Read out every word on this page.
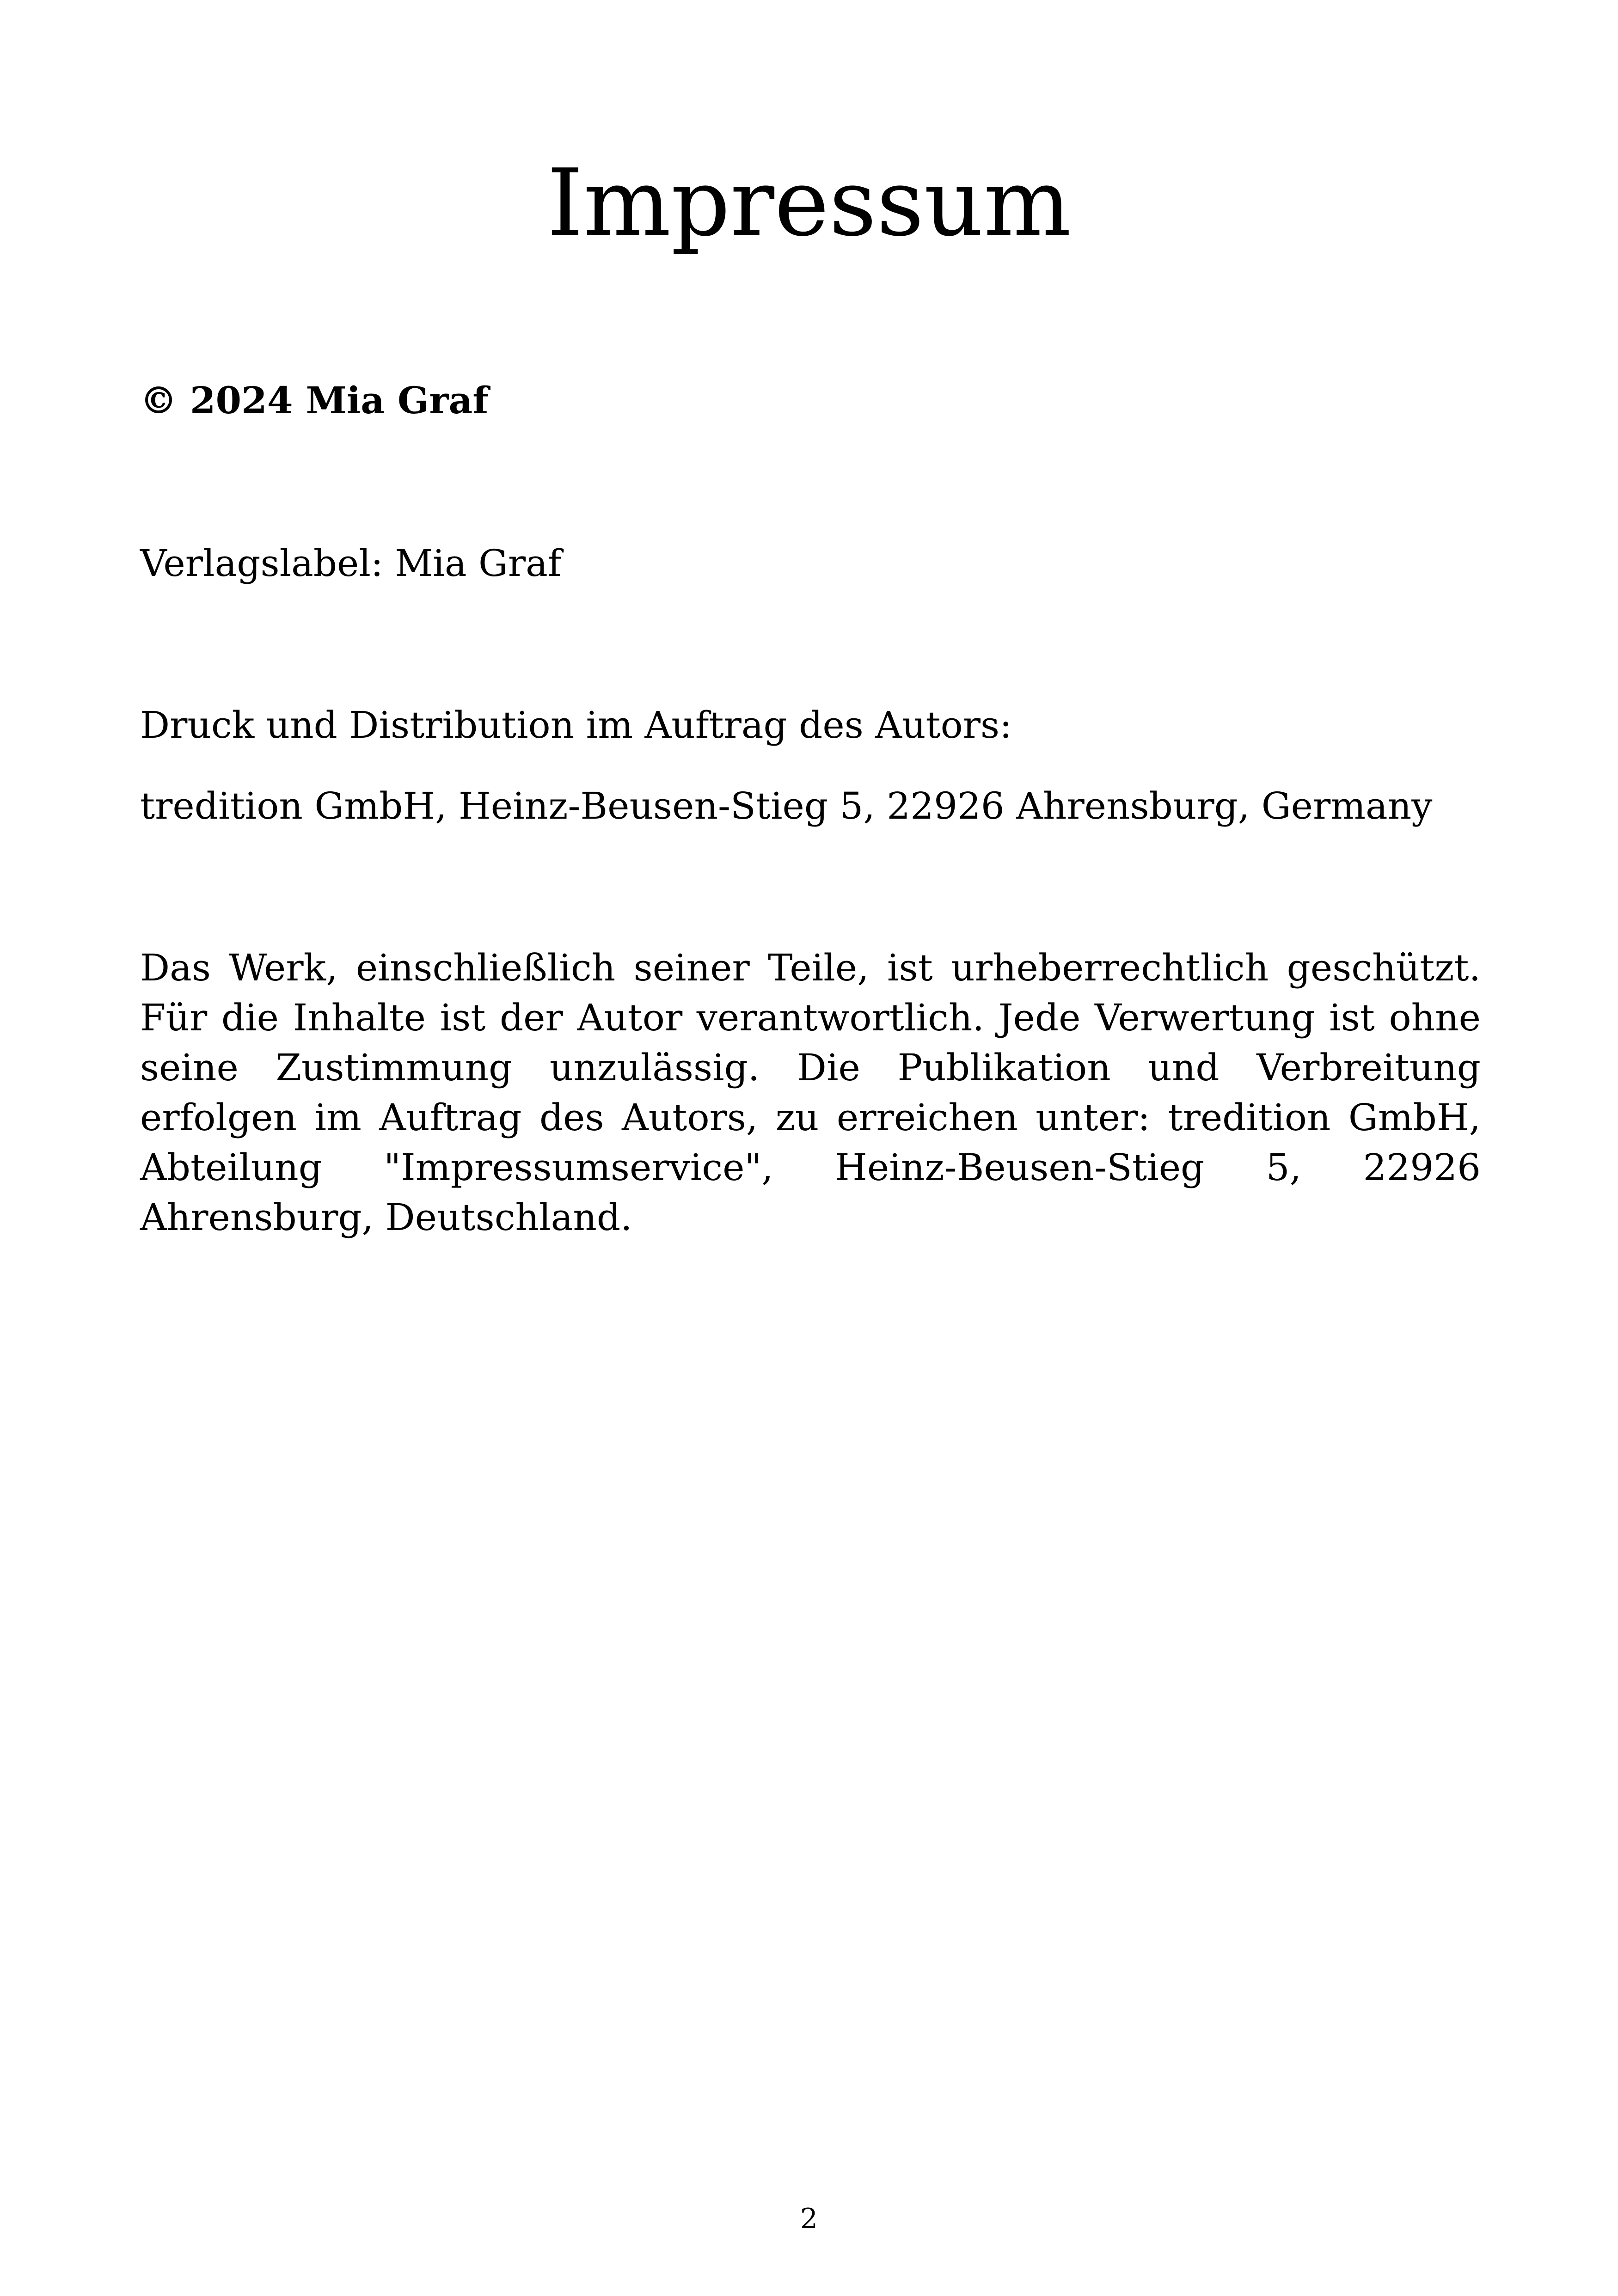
Impressum

© 2024 Mia Graf

Verlagslabel: Mia Graf

Druck und Distribution im Auftrag des Autors:

tredition GmbH, Heinz-Beusen-Stieg 5, 22926 Ahrensburg, Germany

Das Werk, einschließlich seiner Teile, ist urheberrechtlich geschützt. Für die Inhalte ist der Autor verantwortlich. Jede Verwertung ist ohne seine Zustimmung unzulässig. Die Publikation und Verbreitung erfolgen im Auftrag des Autors, zu erreichen unter: tredition GmbH, Abteilung "Impressumservice", Heinz-Beusen-Stieg 5, 22926 Ahrensburg, Deutschland.

2
